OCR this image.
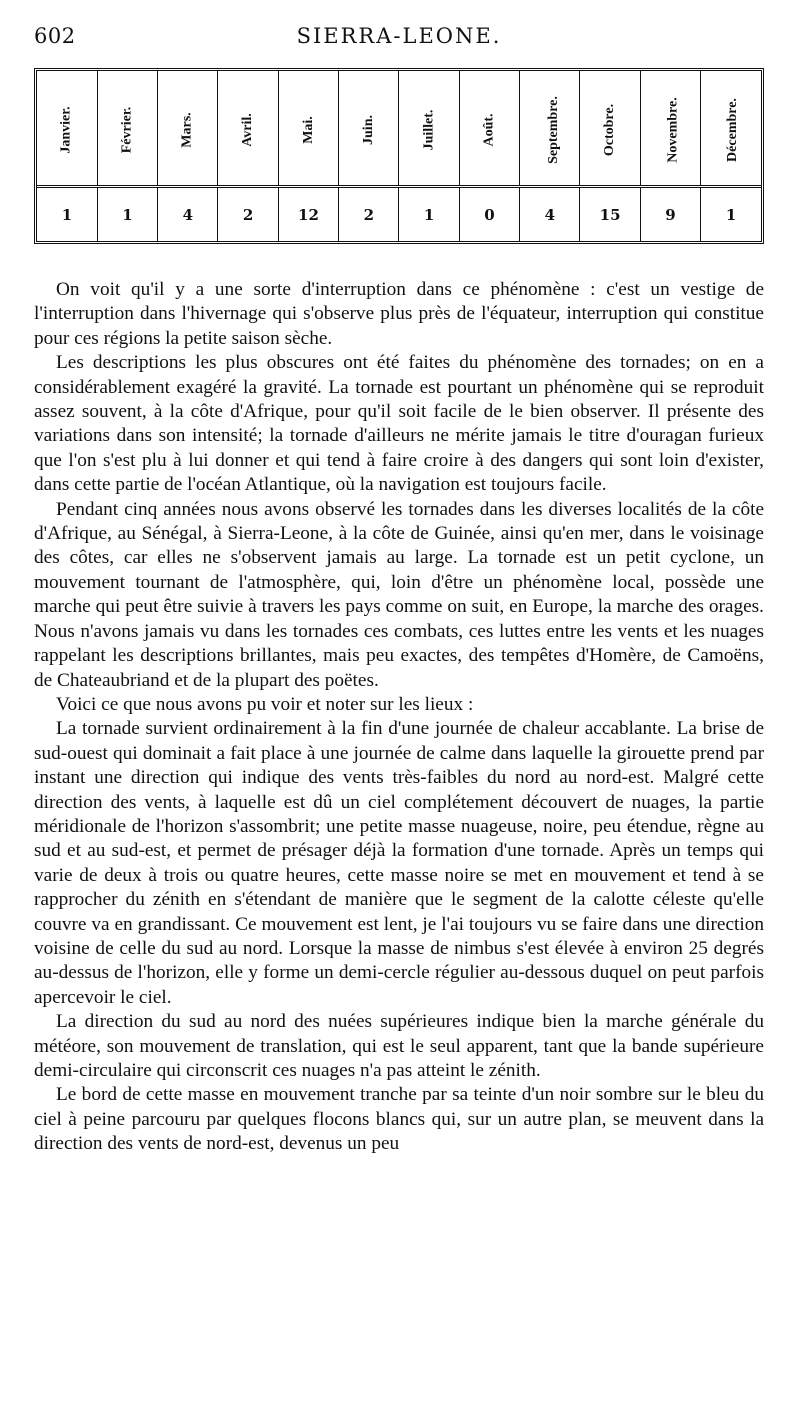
602	SIERRA-LEONE.
Janvier.	Février.	Mars.	Avril.	Mai.	Juin.	Juillet.	Août.	Septembre.	Octobre.	Novembre.	Décembre.
1	1	4	2	12	2	1	0	4	15	9	1

On voit qu'il y a une sorte d'interruption dans ce phénomène : c'est un vestige de l'interruption dans l'hivernage qui s'observe plus près de l'équateur, interruption qui constitue pour ces régions la petite saison sèche.

Les descriptions les plus obscures ont été faites du phénomène des tornades; on en a considérablement exagéré la gravité. La tornade est pourtant un phénomène qui se reproduit assez souvent, à la côte d'Afrique, pour qu'il soit facile de le bien observer. Il présente des variations dans son intensité; la tornade d'ailleurs ne mérite jamais le titre d'ouragan furieux que l'on s'est plu à lui donner et qui tend à faire croire à des dangers qui sont loin d'exister, dans cette partie de l'océan Atlantique, où la navigation est toujours facile.

Pendant cinq années nous avons observé les tornades dans les diverses localités de la côte d'Afrique, au Sénégal, à Sierra-Leone, à la côte de Guinée, ainsi qu'en mer, dans le voisinage des côtes, car elles ne s'observent jamais au large. La tornade est un petit cyclone, un mouvement tournant de l'atmosphère, qui, loin d'être un phénomène local, possède une marche qui peut être suivie à travers les pays comme on suit, en Europe, la marche des orages. Nous n'avons jamais vu dans les tornades ces combats, ces luttes entre les vents et les nuages rappelant les descriptions brillantes, mais peu exactes, des tempêtes d'Homère, de Camoëns, de Chateaubriand et de la plupart des poëtes.

Voici ce que nous avons pu voir et noter sur les lieux :

La tornade survient ordinairement à la fin d'une journée de chaleur accablante. La brise de sud-ouest qui dominait a fait place à une journée de calme dans laquelle la girouette prend par instant une direction qui indique des vents très-faibles du nord au nord-est. Malgré cette direction des vents, à laquelle est dû un ciel complétement découvert de nuages, la partie méridionale de l'horizon s'assombrit; une petite masse nuageuse, noire, peu étendue, règne au sud et au sud-est, et permet de présager déjà la formation d'une tornade. Après un temps qui varie de deux à trois ou quatre heures, cette masse noire se met en mouvement et tend à se rapprocher du zénith en s'étendant de manière que le segment de la calotte céleste qu'elle couvre va en grandissant. Ce mouvement est lent, je l'ai toujours vu se faire dans une direction voisine de celle du sud au nord. Lorsque la masse de nimbus s'est élevée à environ 25 degrés au-dessus de l'horizon, elle y forme un demi-cercle régulier au-dessous duquel on peut parfois apercevoir le ciel.

La direction du sud au nord des nuées supérieures indique bien la marche générale du météore, son mouvement de translation, qui est le seul apparent, tant que la bande supérieure demi-circulaire qui circonscrit ces nuages n'a pas atteint le zénith.

Le bord de cette masse en mouvement tranche par sa teinte d'un noir sombre sur le bleu du ciel à peine parcouru par quelques flocons blancs qui, sur un autre plan, se meuvent dans la direction des vents de nord-est, devenus un peu
